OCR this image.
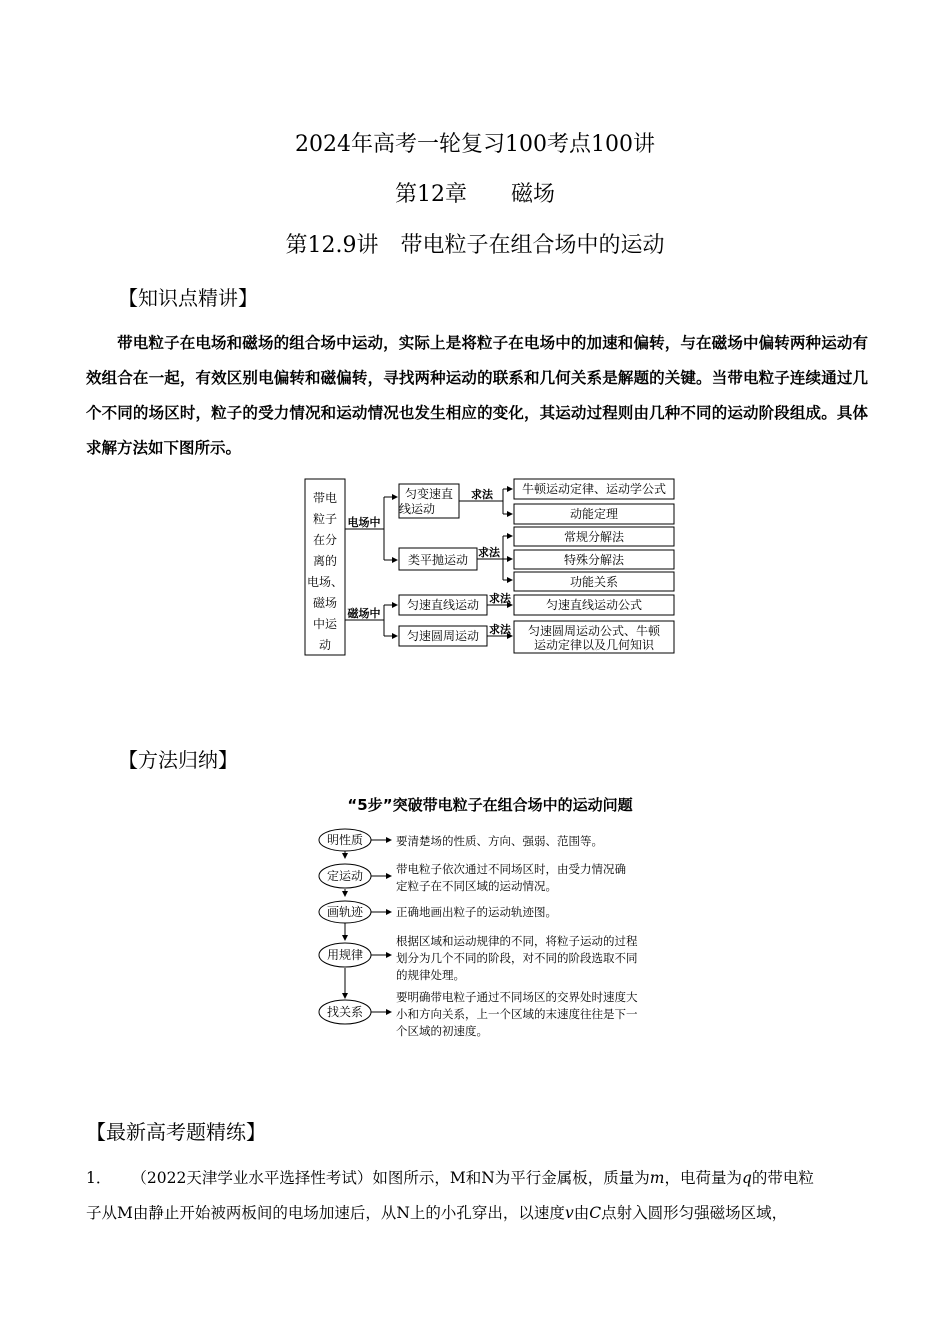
2024年高考一轮复习100考点100讲
第12章 磁场
第12.9讲　带电粒子在组合场中的运动
【知识点精讲】
带电粒子在电场和磁场的组合场中运动，实际上是将粒子在电场中的加速和偏转，与在磁场中偏转两种运动有效组合在一起，有效区别电偏转和磁偏转，寻找两种运动的联系和几何关系是解题的关键。当带电粒子连续通过几个不同的场区时，粒子的受力情况和运动情况也发生相应的变化，其运动过程则由几种不同的运动阶段组成。具体求解方法如下图所示。
带电
粒子
在分
离的
电场、
磁场
中运
动
电场中
磁场中
求法
求法
求法
求法
匀变速直
线运动
类平抛运动
匀速直线运动
匀速圆周运动
牛顿运动定律、运动学公式
动能定理
常规分解法
特殊分解法
功能关系
匀速直线运动公式
匀速圆周运动公式、牛顿
运动定律以及几何知识
【方法归纳】
“5步”突破带电粒子在组合场中的运动问题
明性质
定运动
画轨迹
用规律
找关系
要清楚场的性质、方向、强弱、范围等。
带电粒子依次通过不同场区时，由受力情况确
定粒子在不同区域的运动情况。
正确地画出粒子的运动轨迹图。
根据区域和运动规律的不同，将粒子运动的过程
划分为几个不同的阶段，对不同的阶段选取不同
的规律处理。
要明确带电粒子通过不同场区的交界处时速度大
小和方向关系，上一个区域的末速度往往是下一
个区域的初速度。
【最新高考题精练】
1． （2022天津学业水平选择性考试）如图所示，M和N为平行金属板，质量为m，电荷量为q的带电粒
子从M由静止开始被两板间的电场加速后，从N上的小孔穿出，以速度v由C点射入圆形匀强磁场区域，
